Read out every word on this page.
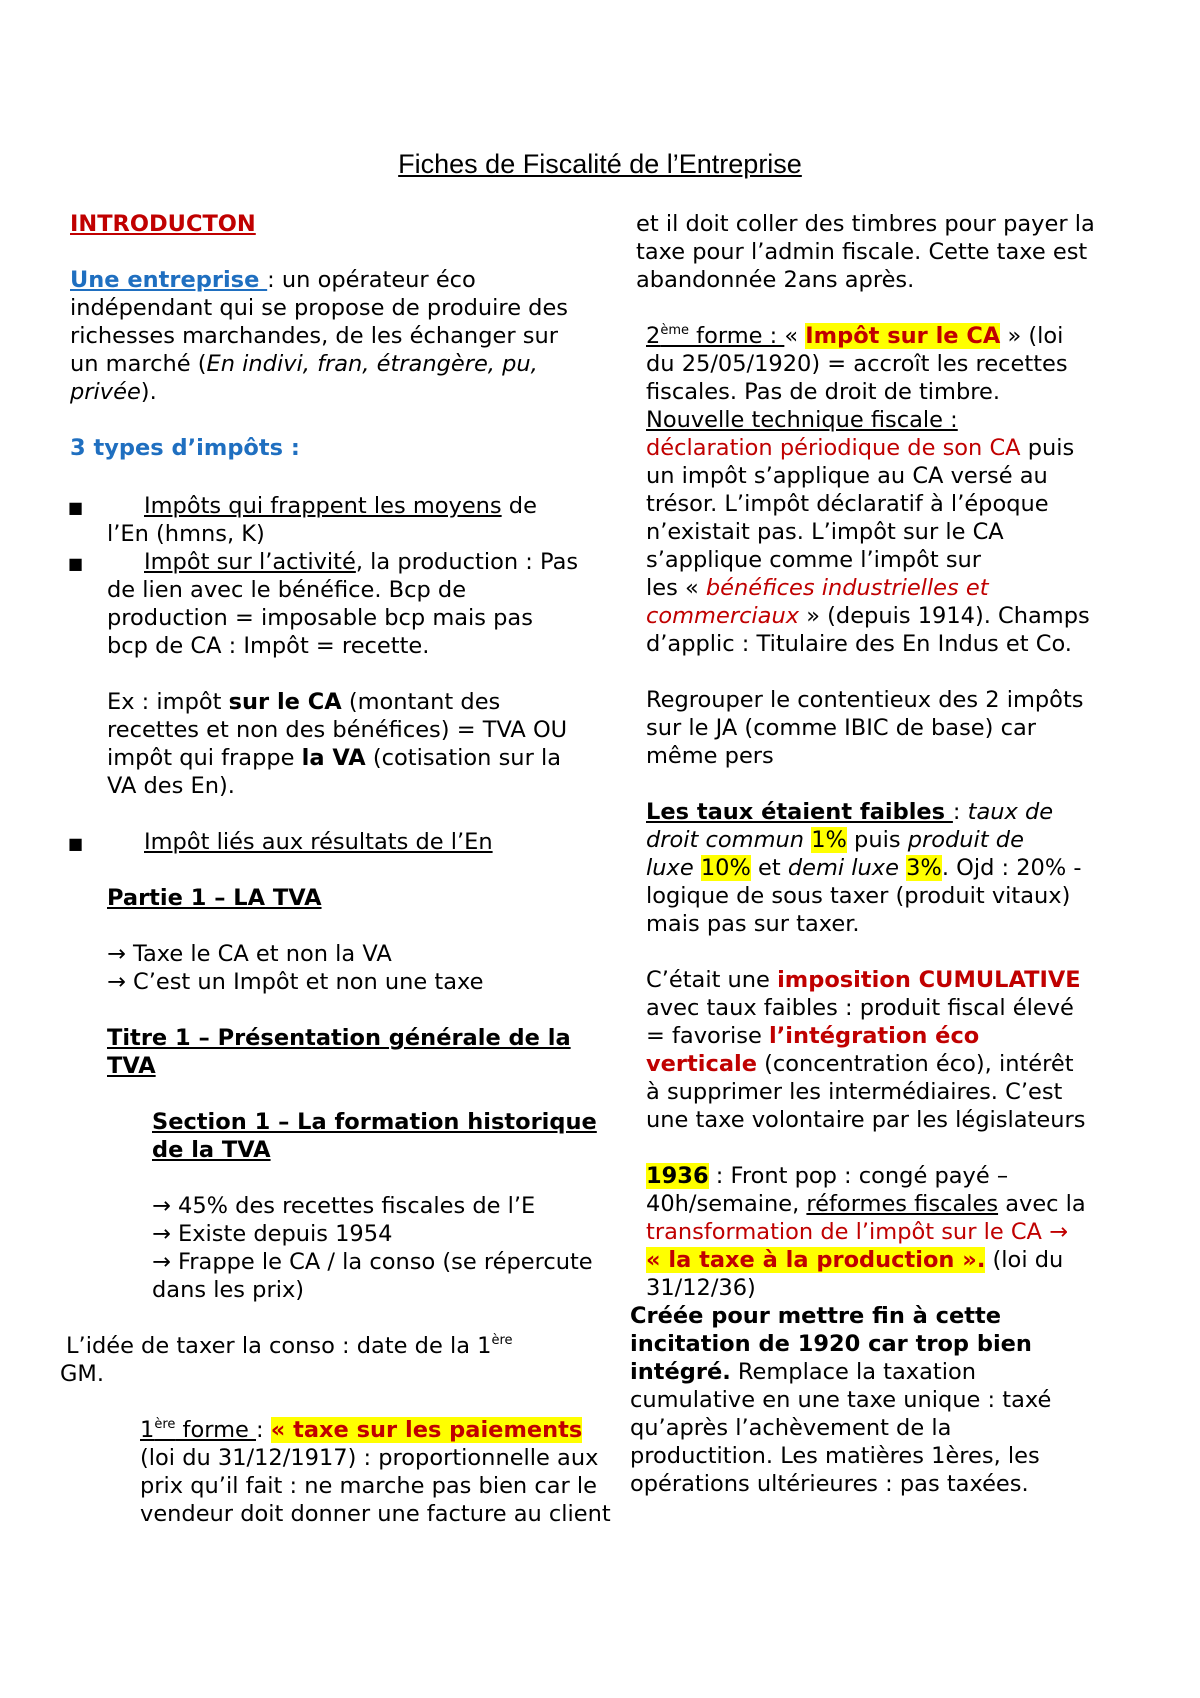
Fiches de Fiscalité de l’Entreprise
INTRODUCTON
Une entreprise : un opérateur éco
indépendant qui se propose de produire des
richesses marchandes, de les échanger sur
un marché (En indivi, fran, étrangère, pu,
privée).
3 types d’impôts :
■	Impôts qui frappent les moyens de
l’En (hmns, K)
■	Impôt sur l’activité, la production : Pas
de lien avec le bénéfice. Bcp de
production = imposable bcp mais pas
bcp de CA : Impôt = recette.
Ex : impôt sur le CA (montant des
recettes et non des bénéfices) = TVA OU
impôt qui frappe la VA (cotisation sur la
VA des En).
■	Impôt liés aux résultats de l’En
Partie 1 – LA TVA
→ Taxe le CA et non la VA
→ C’est un Impôt et non une taxe
Titre 1 – Présentation générale de la
TVA
Section 1 – La formation historique
de la TVA
→ 45% des recettes fiscales de l’E
→ Existe depuis 1954
→ Frappe le CA / la conso (se répercute
dans les prix)
L’idée de taxer la conso : date de la 1ère
GM.
1ère forme : « taxe sur les paiements
(loi du 31/12/1917) : proportionnelle aux
prix qu’il fait : ne marche pas bien car le
vendeur doit donner une facture au client
et il doit coller des timbres pour payer la
taxe pour l’admin fiscale. Cette taxe est
abandonnée 2ans après.
2ème forme : « Impôt sur le CA » (loi
du 25/05/1920) = accroît les recettes
fiscales. Pas de droit de timbre.
Nouvelle technique fiscale :
déclaration périodique de son CA puis
un impôt s’applique au CA versé au
trésor. L’impôt déclaratif à l’époque
n’existait pas. L’impôt sur le CA
s’applique comme l’impôt sur
les « bénéfices industrielles et
commerciaux » (depuis 1914). Champs
d’applic : Titulaire des En Indus et Co.
Regrouper le contentieux des 2 impôts
sur le JA (comme IBIC de base) car
même pers
Les taux étaient faibles : taux de
droit commun 1% puis produit de
luxe 10% et demi luxe 3%. Ojd : 20% -
logique de sous taxer (produit vitaux)
mais pas sur taxer.
C’était une imposition CUMULATIVE
avec taux faibles : produit fiscal élevé
= favorise l’intégration éco
verticale (concentration éco), intérêt
à supprimer les intermédiaires. C’est
une taxe volontaire par les législateurs
1936 : Front pop : congé payé –
40h/semaine, réformes fiscales avec la
transformation de l’impôt sur le CA →
« la taxe à la production ». (loi du
31/12/36)
Créée pour mettre fin à cette
incitation de 1920 car trop bien
intégré. Remplace la taxation
cumulative en une taxe unique : taxé
qu’après l’achèvement de la
productition. Les matières 1ères, les
opérations ultérieures : pas taxées.
